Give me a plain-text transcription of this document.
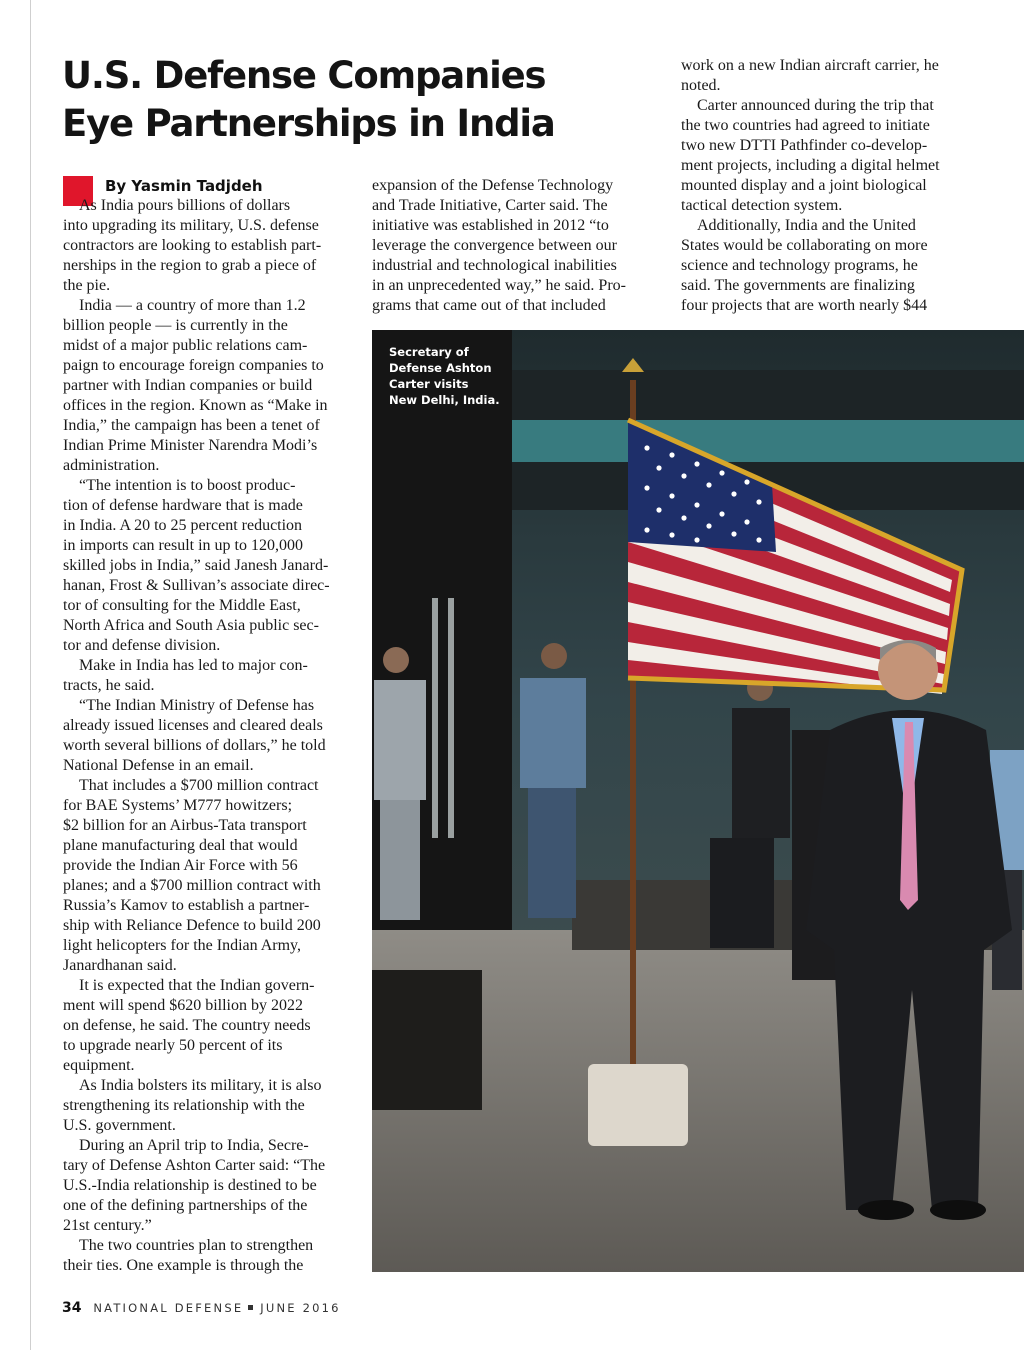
U.S. Defense Companies
Eye Partnerships in India
By Yasmin Tadjdeh
As India pours billions of dollars
into upgrading its military, U.S. defense
contractors are looking to establish part-
nerships in the region to grab a piece of
the pie.
India — a country of more than 1.2
billion people — is currently in the
midst of a major public relations cam-
paign to encourage foreign companies to
partner with Indian companies or build
offices in the region. Known as “Make in
India,” the campaign has been a tenet of
Indian Prime Minister Narendra Modi’s
administration.
“The intention is to boost produc-
tion of defense hardware that is made
in India. A 20 to 25 percent reduction
in imports can result in up to 120,000
skilled jobs in India,” said Janesh Janard-
hanan, Frost & Sullivan’s associate direc-
tor of consulting for the Middle East,
North Africa and South Asia public sec-
tor and defense division.
Make in India has led to major con-
tracts, he said.
“The Indian Ministry of Defense has
already issued licenses and cleared deals
worth several billions of dollars,” he told
National Defense in an email.
That includes a $700 million contract
for BAE Systems’ M777 howitzers;
$2 billion for an Airbus-Tata transport
plane manufacturing deal that would
provide the Indian Air Force with 56
planes; and a $700 million contract with
Russia’s Kamov to establish a partner-
ship with Reliance Defence to build 200
light helicopters for the Indian Army,
Janardhanan said.
It is expected that the Indian govern-
ment will spend $620 billion by 2022
on defense, he said. The country needs
to upgrade nearly 50 percent of its
equipment.
As India bolsters its military, it is also
strengthening its relationship with the
U.S. government.
During an April trip to India, Secre-
tary of Defense Ashton Carter said: “The
U.S.-India relationship is destined to be
one of the defining partnerships of the
21st century.”
The two countries plan to strengthen
their ties. One example is through the
expansion of the Defense Technology
and Trade Initiative, Carter said. The
initiative was established in 2012 “to
leverage the convergence between our
industrial and technological inabilities
in an unprecedented way,” he said. Pro-
grams that came out of that included
work on a new Indian aircraft carrier, he
noted.
Carter announced during the trip that
the two countries had agreed to initiate
two new DTTI Pathfinder co-develop-
ment projects, including a digital helmet
mounted display and a joint biological
tactical detection system.
Additionally, India and the United
States would be collaborating on more
science and technology programs, he
said. The governments are finalizing
four projects that are worth nearly $44
Secretary of
Defense Ashton
Carter visits
New Delhi, India.
34 NATIONAL DEFENSE JUNE 2016
